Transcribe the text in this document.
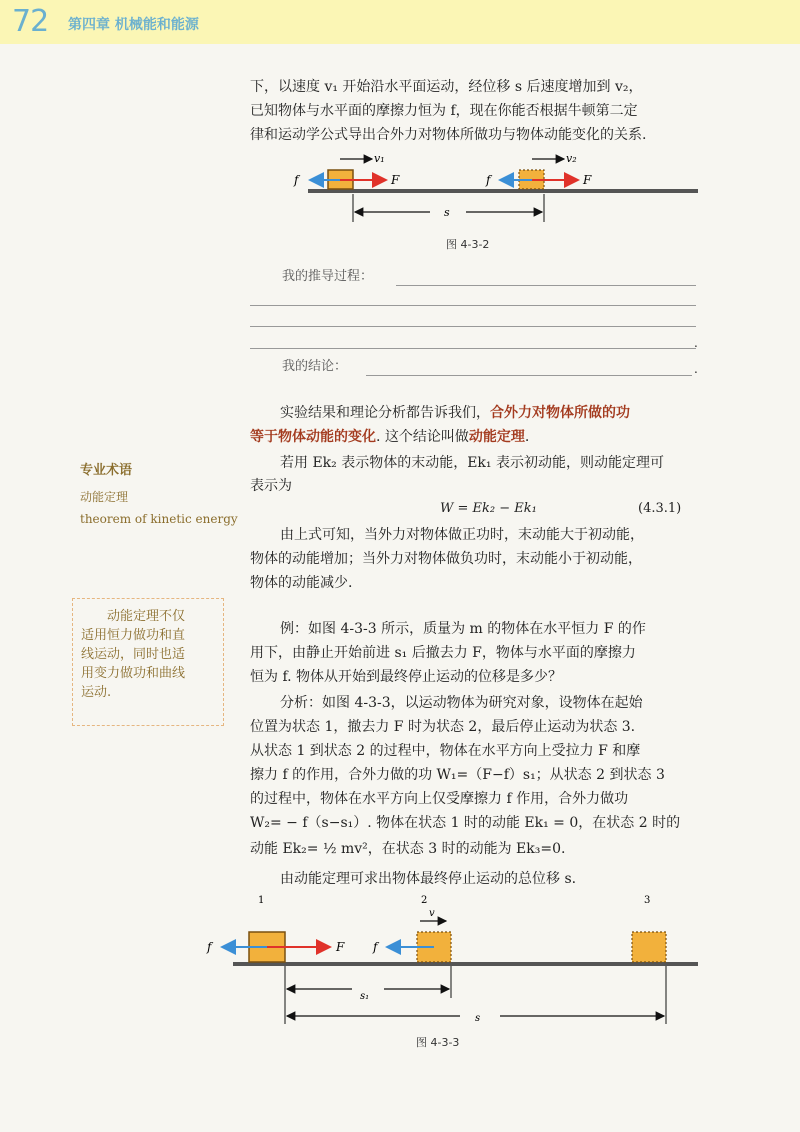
72 第四章 机械能和能源
下，以速度 v₁ 开始沿水平面运动，经位移 s 后速度增加到 v₂，
已知物体与水平面的摩擦力恒为 f，现在你能否根据牛顿第二定
律和运动学公式导出合外力对物体所做功与物体动能变化的关系.
v₁	v₂
f	F	f	F
s
图 4-3-2
我的推导过程：
.
我的结论：	.
实验结果和理论分析都告诉我们，合外力对物体所做的功
等于物体动能的变化. 这个结论叫做动能定理.
若用 Ek₂ 表示物体的末动能，Ek₁ 表示初动能，则动能定理可
表示为
W = Ek₂ − Ek₁	(4.3.1)
由上式可知，当外力对物体做正功时，末动能大于初动能，
物体的动能增加；当外力对物体做负功时，末动能小于初动能，
物体的动能减少.
专业术语
动能定理
theorem of kinetic energy

动能定理不仅

适用恒力做功和直

线运动，同时也适

用变力做功和曲线

运动.

例：如图 4-3-3 所示，质量为 m 的物体在水平恒力 F 的作
用下，由静止开始前进 s₁ 后撤去力 F，物体与水平面的摩擦力
恒为 f. 物体从开始到最终停止运动的位移是多少？
分析：如图 4-3-3，以运动物体为研究对象，设物体在起始
位置为状态 1，撤去力 F 时为状态 2，最后停止运动为状态 3.
从状态 1 到状态 2 的过程中，物体在水平方向上受拉力 F 和摩
擦力 f 的作用，合外力做的功 W₁=（F−f）s₁；从状态 2 到状态 3
的过程中，物体在水平方向上仅受摩擦力 f 作用，合外力做功
W₂= − f（s−s₁）. 物体在状态 1 时的动能 Ek₁ = 0，在状态 2 时的
动能 Ek₂= ½ mv²，在状态 3 时的动能为 Ek₃=0.
由动能定理可求出物体最终停止运动的总位移 s.
1	2	3
v
f	F f
s₁
s
图 4-3-3
